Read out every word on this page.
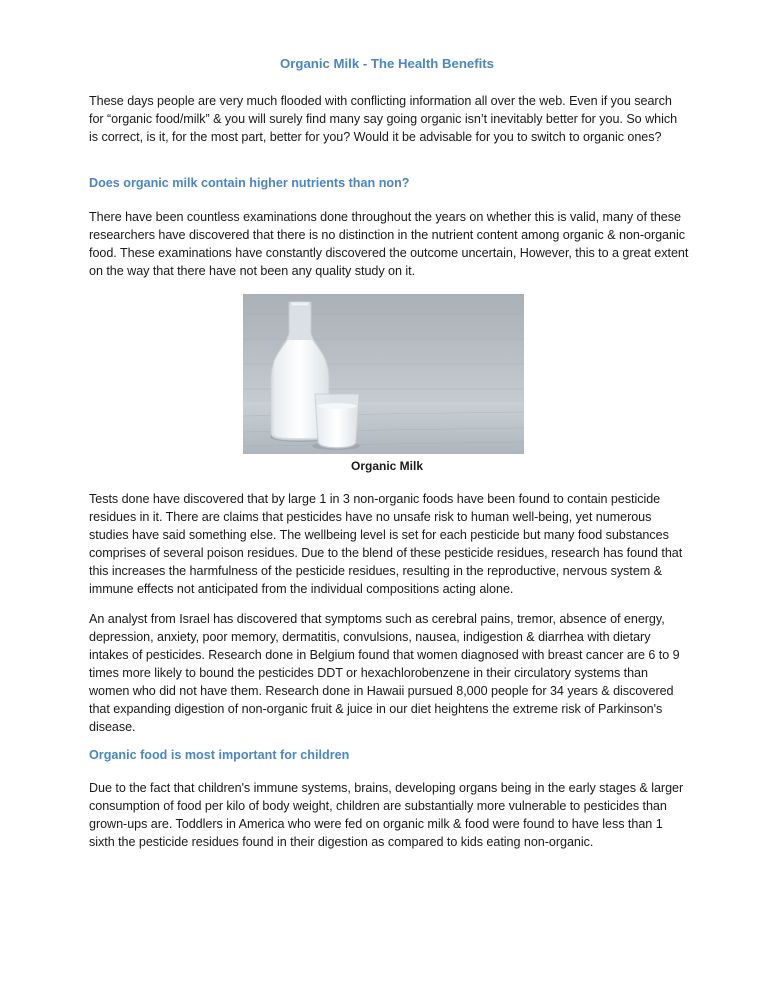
Organic Milk - The Health Benefits

These days people are very much flooded with conflicting information all over the web. Even if you search for “organic food/milk” & you will surely find many say going organic isn’t inevitably better for you. So which is correct, is it, for the most part, better for you? Would it be advisable for you to switch to organic ones?

Does organic milk contain higher nutrients than non?

There have been countless examinations done throughout the years on whether this is valid, many of these researchers have discovered that there is no distinction in the nutrient content among organic & non-organic food. These examinations have constantly discovered the outcome uncertain, However, this to a great extent on the way that there have not been any quality study on it.

Organic Milk

Tests done have discovered that by large 1 in 3 non-organic foods have been found to contain pesticide residues in it. There are claims that pesticides have no unsafe risk to human well-being, yet numerous studies have said something else. The wellbeing level is set for each pesticide but many food substances comprises of several poison residues. Due to the blend of these pesticide residues, research has found that this increases the harmfulness of the pesticide residues, resulting in the reproductive, nervous system & immune effects not anticipated from the individual compositions acting alone.

An analyst from Israel has discovered that symptoms such as cerebral pains, tremor, absence of energy, depression, anxiety, poor memory, dermatitis, convulsions, nausea, indigestion & diarrhea with dietary intakes of pesticides. Research done in Belgium found that women diagnosed with breast cancer are 6 to 9 times more likely to bound the pesticides DDT or hexachlorobenzene in their circulatory systems than women who did not have them. Research done in Hawaii pursued 8,000 people for 34 years & discovered that expanding digestion of non-organic fruit & juice in our diet heightens the extreme risk of Parkinson's disease.

Organic food is most important for children

Due to the fact that children's immune systems, brains, developing organs being in the early stages & larger consumption of food per kilo of body weight, children are substantially more vulnerable to pesticides than grown-ups are. Toddlers in America who were fed on organic milk & food were found to have less than 1 sixth the pesticide residues found in their digestion as compared to kids eating non-organic.
